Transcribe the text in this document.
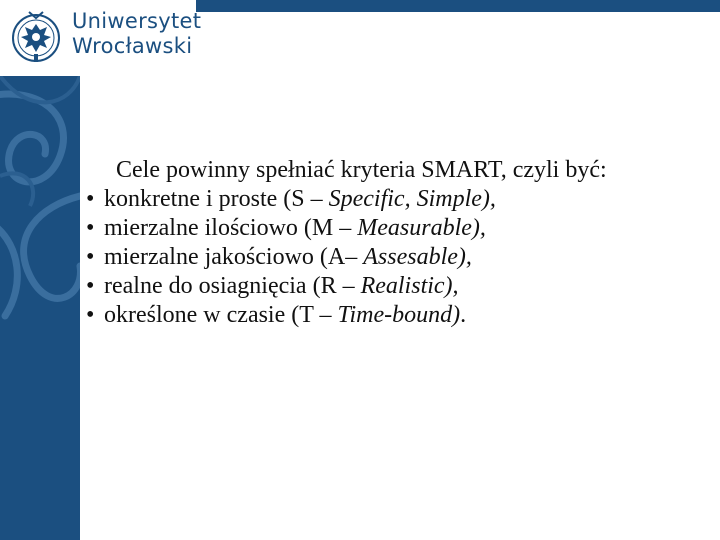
Uniwersytet
Wrocławski
Cele powinny spełniać kryteria SMART, czyli być:
• konkretne i proste (S – Specific, Simple),
• mierzalne ilościowo (M – Measurable),
• mierzalne jakościowo (A– Assesable),
• realne do osiagnięcia (R – Realistic),
• określone w czasie (T – Time-bound).
